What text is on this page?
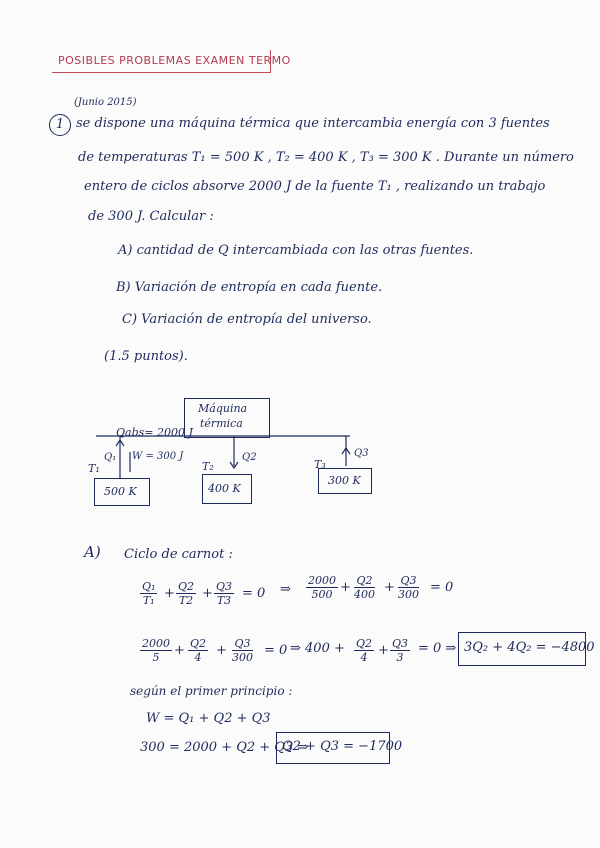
POSIBLES PROBLEMAS EXAMEN TERMO
(Junio 2015)
1 se dispone una máquina térmica que intercambia energía con 3 fuentes
de temperaturas T₁ = 500 K , T₂ = 400 K , T₃ = 300 K . Durante un número
entero de ciclos absorve 2000 J de la fuente T₁ , realizando un trabajo
de 300 J. Calcular :
A) cantidad de Q intercambiada con las otras fuentes.
B) Variación de entropía en cada fuente.
C) Variación de entropía del universo.
(1.5 puntos).
Máquina
térmica
Qabs= 2000 J
Q₁ W = 300 J	Q2	Q3
T₁
500 K
T₂
400 K
T₃
300 K
A) Ciclo de carnot :
$\frac{\text{Q₁}}{\text{T₁}} + \frac{Q2}{T2} + \frac{Q3}{T3} = 0$ ⇒ $\frac{2000}{500} + \frac{Q2}{400} + \frac{Q3}{300} = 0$
$\frac{2000}{5} + \frac{Q2}{4} + \frac{Q3}{300} = 0$ ⇒ $400 + \frac{Q2}{4} + \frac{Q3}{3} = 0$ ⇒ 3Q₂ + 4Q₂ = −4800
según el primer principio :
W = Q₁ + Q2 + Q3
300 = 2000 + Q2 + Q3 ⇒
Q2 + Q3 = −1700
